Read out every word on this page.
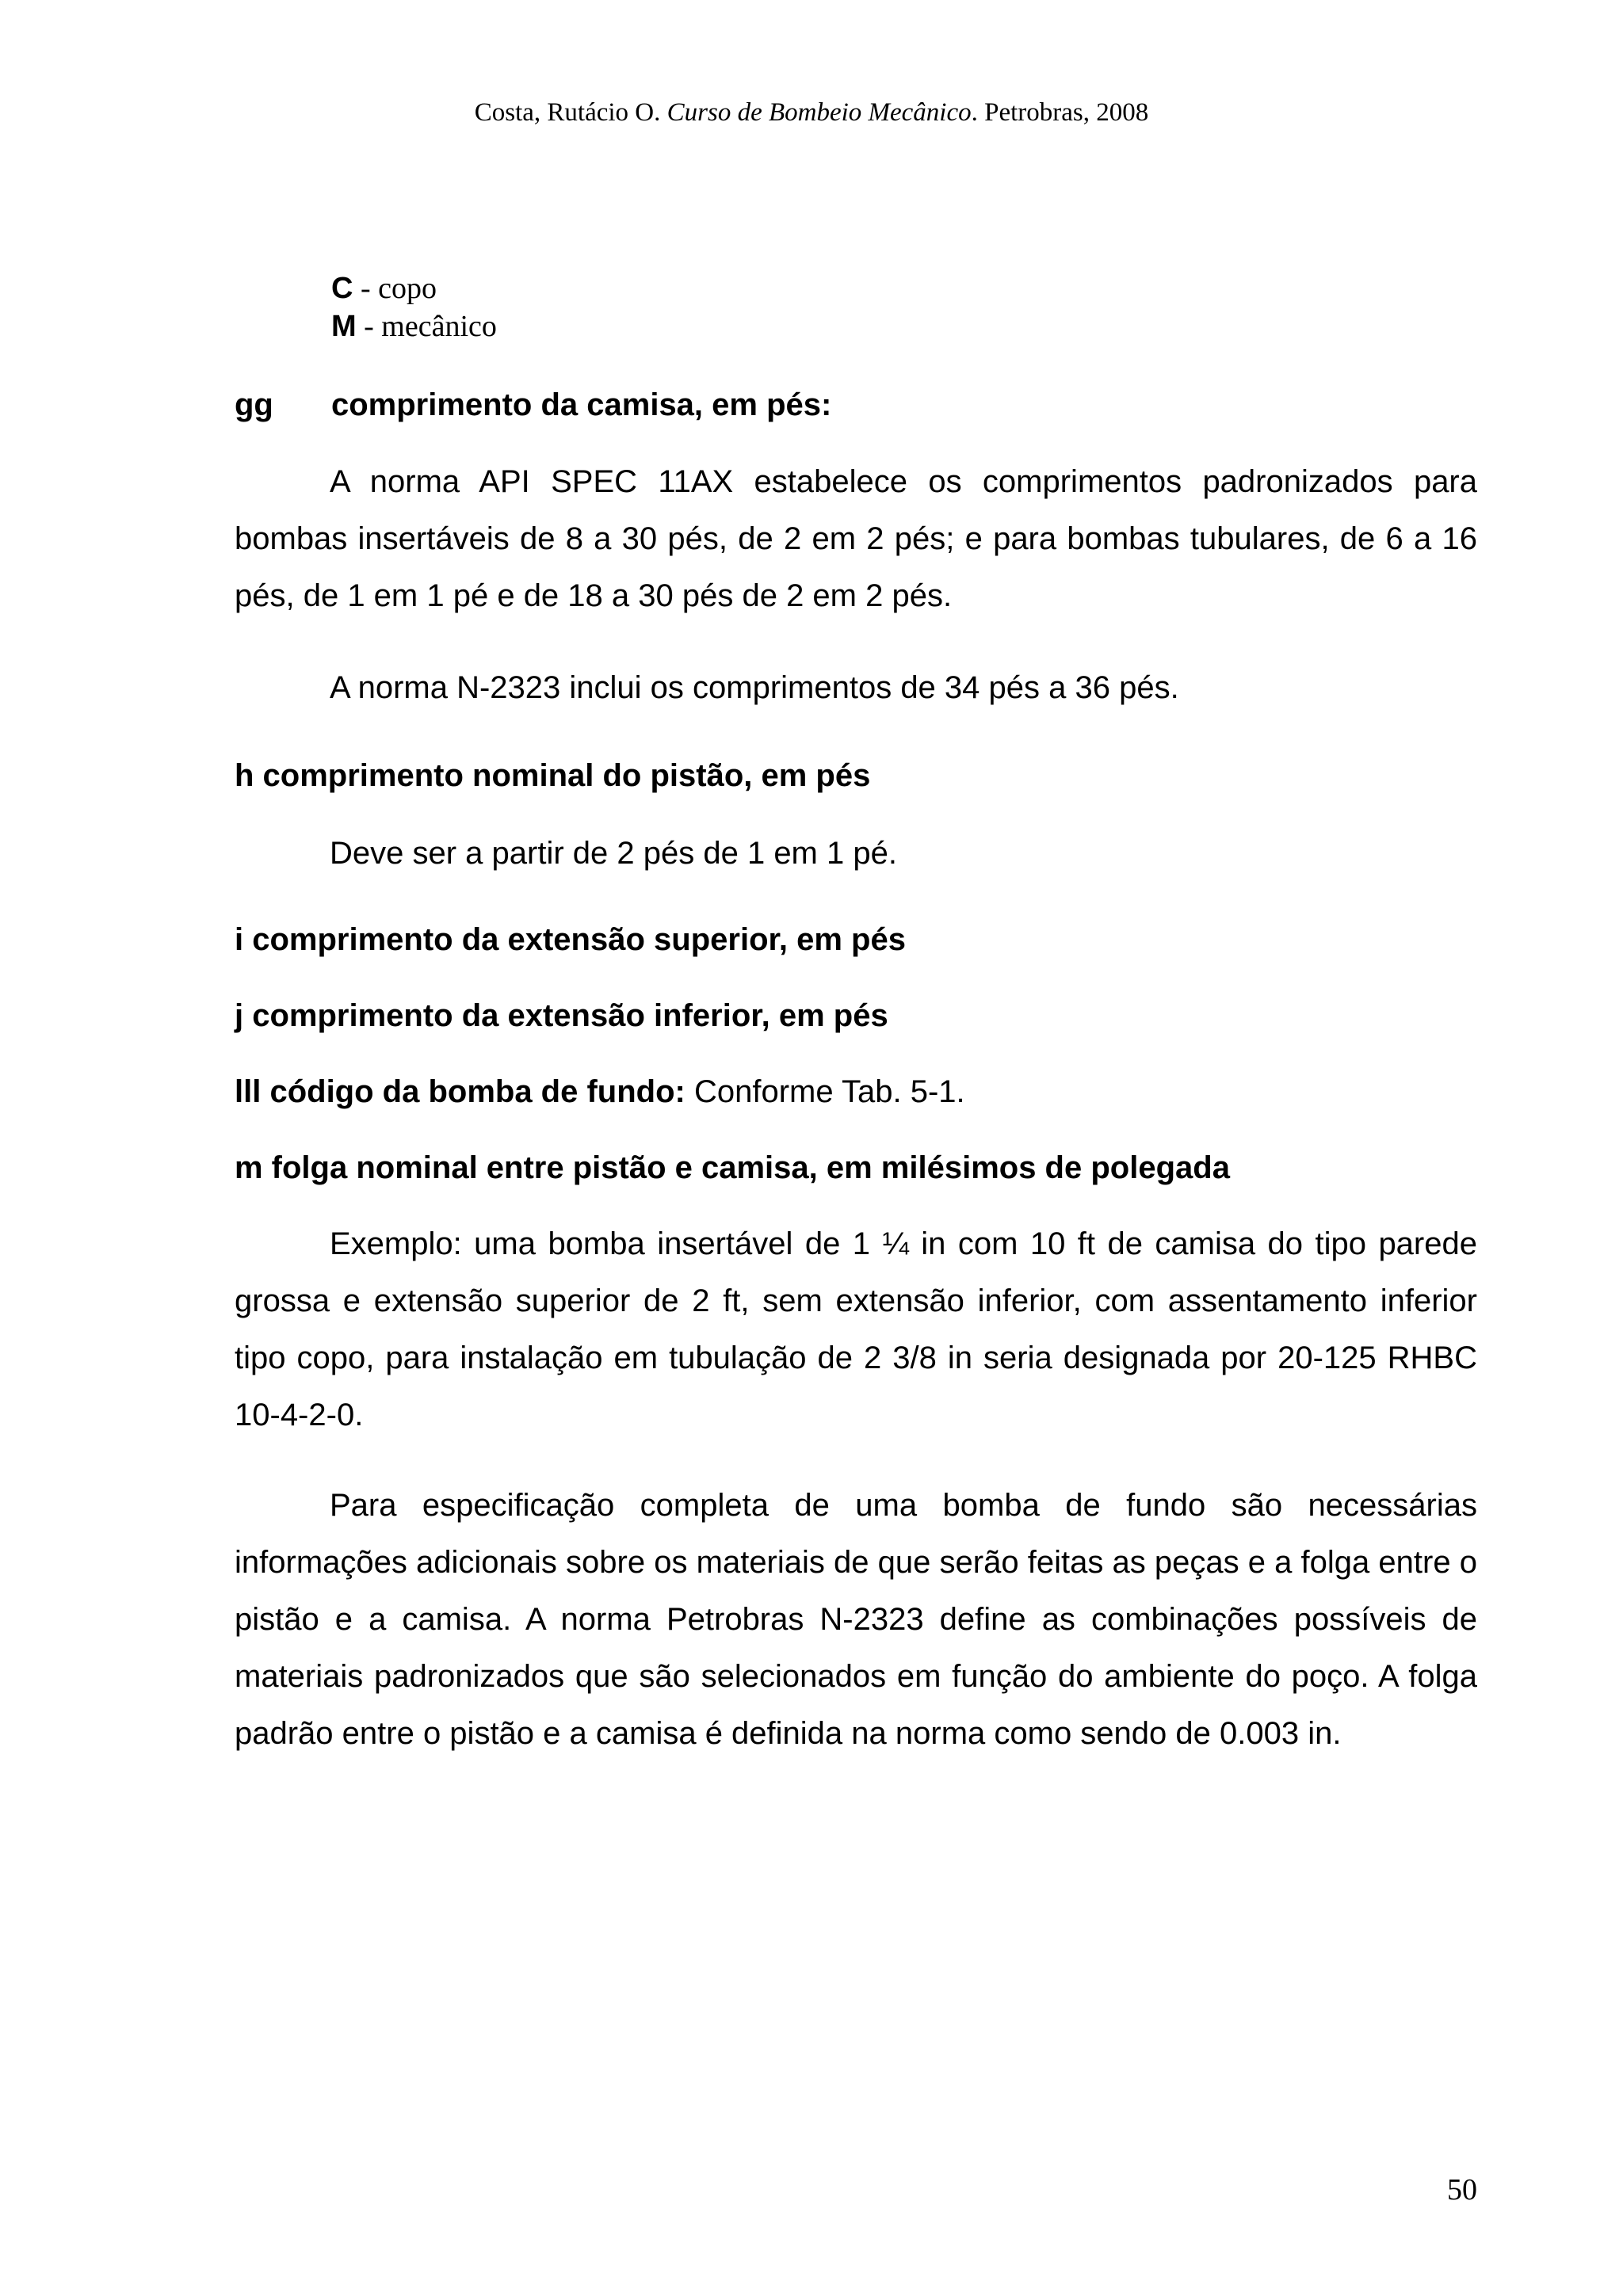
Costa, Rutácio O. Curso de Bombeio Mecânico. Petrobras, 2008
C - copo
M - mecânico
gg comprimento da camisa, em pés:

A norma API SPEC 11AX estabelece os comprimentos padronizados para bombas insertáveis de 8 a 30 pés, de 2 em 2 pés; e para bombas tubulares, de 6 a 16 pés, de 1 em 1 pé e de 18 a 30 pés de 2 em 2 pés.

A norma N-2323 inclui os comprimentos de 34 pés a 36 pés.

h comprimento nominal do pistão, em pés

Deve ser a partir de 2 pés de 1 em 1 pé.

i comprimento da extensão superior, em pés
j comprimento da extensão inferior, em pés
lll código da bomba de fundo: Conforme Tab. 5-1.
m folga nominal entre pistão e camisa, em milésimos de polegada

Exemplo: uma bomba insertável de 1 ¼ in com 10 ft de camisa do tipo parede grossa e extensão superior de 2 ft, sem extensão inferior, com assentamento inferior tipo copo, para instalação em tubulação de 2 3/8 in seria designada por 20-125 RHBC 10-4-2-0.

Para especificação completa de uma bomba de fundo são necessárias informações adicionais sobre os materiais de que serão feitas as peças e a folga entre o pistão e a camisa. A norma Petrobras N-2323 define as combinações possíveis de materiais padronizados que são selecionados em função do ambiente do poço. A folga padrão entre o pistão e a camisa é definida na norma como sendo de 0.003 in.

50
